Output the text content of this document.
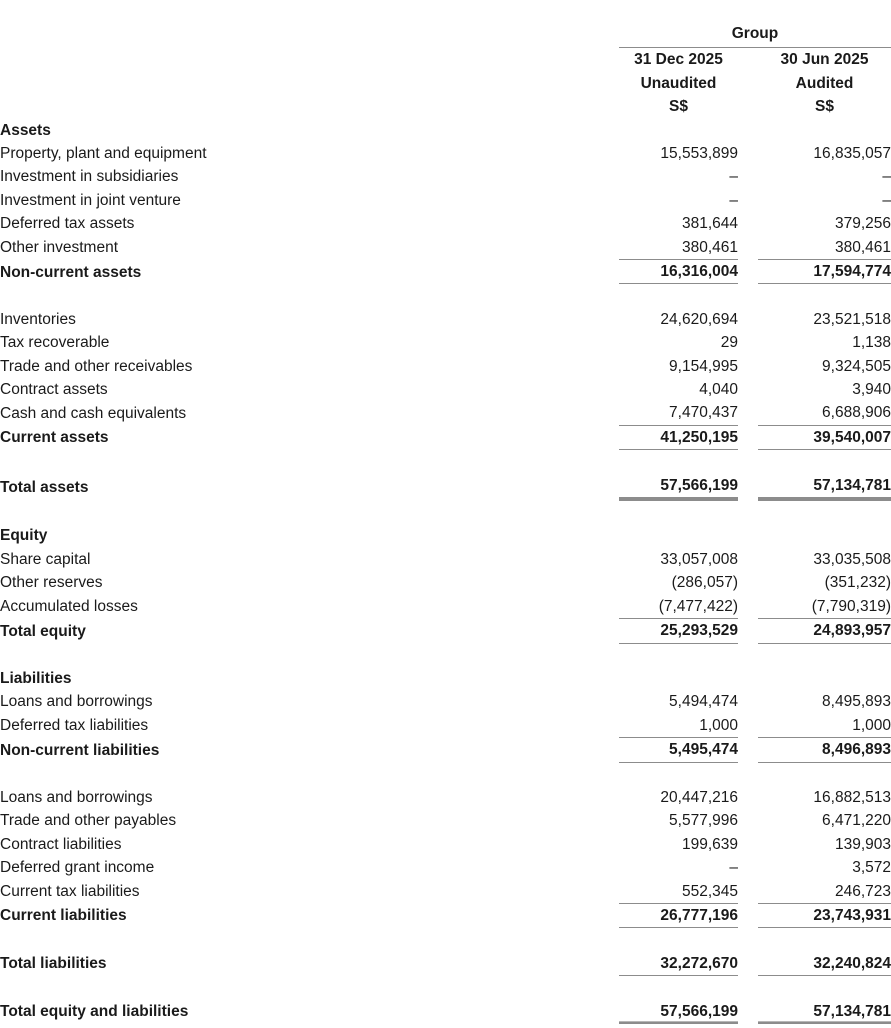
		Group		
		31 Dec 2025		30 Jun 2025
		Unaudited		Audited
		S$		S$
Assets				
Property, plant and equipment		15,553,899		16,835,057
Investment in subsidiaries		–		–
Investment in joint venture		–		–
Deferred tax assets		381,644		379,256
Other investment		380,461		380,461
Non-current assets		16,316,004		17,594,774

Inventories		24,620,694		23,521,518
Tax recoverable		29		1,138
Trade and other receivables		9,154,995		9,324,505
Contract assets		4,040		3,940
Cash and cash equivalents		7,470,437		6,688,906
Current assets		41,250,195		39,540,007

Total assets		57,566,199		57,134,781

Equity				
Share capital		33,057,008		33,035,508
Other reserves		(286,057)		(351,232)
Accumulated losses		(7,477,422)		(7,790,319)
Total equity		25,293,529		24,893,957

Liabilities				
Loans and borrowings		5,494,474		8,495,893
Deferred tax liabilities		1,000		1,000
Non-current liabilities		5,495,474		8,496,893

Loans and borrowings		20,447,216		16,882,513
Trade and other payables		5,577,996		6,471,220
Contract liabilities		199,639		139,903
Deferred grant income		–		3,572
Current tax liabilities		552,345		246,723
Current liabilities		26,777,196		23,743,931

Total liabilities		32,272,670		32,240,824

Total equity and liabilities		57,566,199		57,134,781
